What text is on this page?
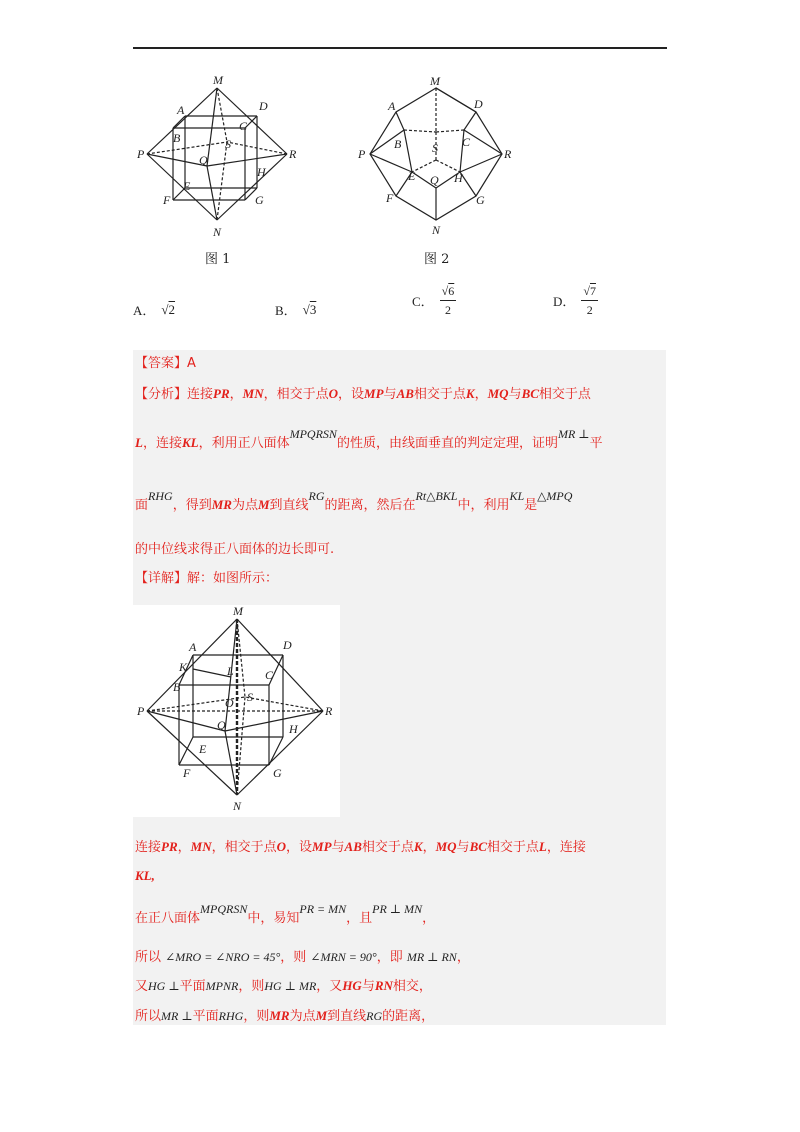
M
A	D
B
C
S
P	R
Q
E
H
F	G
N
图 1
M
A	D
B	S C
P	R
E Q H
F	G
N
图 2
A． √2	B． √3	C． $\frac{√6}{2}$	D． $\frac{√7}{2}$
【答案】A
【分析】连接PR，MN，相交于点O，设MP与AB相交于点K，MQ与BC相交于点
L，连接KL，利用正八面体MPQRSN的性质，由线面垂直的判定定理，证明MR ⊥平
面RHG，得到MR为点M到直线RG的距离，然后在Rt△BKL中，利用KL是△MPQ
的中位线求得正八面体的边长即可.
【详解】解：如图所示：
M
A	D
K	L	C
B
O S
P	R
Q	H
E
F	G
N
连接PR，MN，相交于点O，设MP与AB相交于点K，MQ与BC相交于点L，连接
KL,
在正八面体MPQRSN中，易知PR = MN，且PR ⊥ MN，
所以 ∠MRO = ∠NRO = 45°，则 ∠MRN = 90°，即 MR ⊥ RN，
又HG ⊥平面MPNR，则HG ⊥ MR，又HG与RN相交，
所以MR ⊥平面RHG，则MR为点M到直线RG的距离，
